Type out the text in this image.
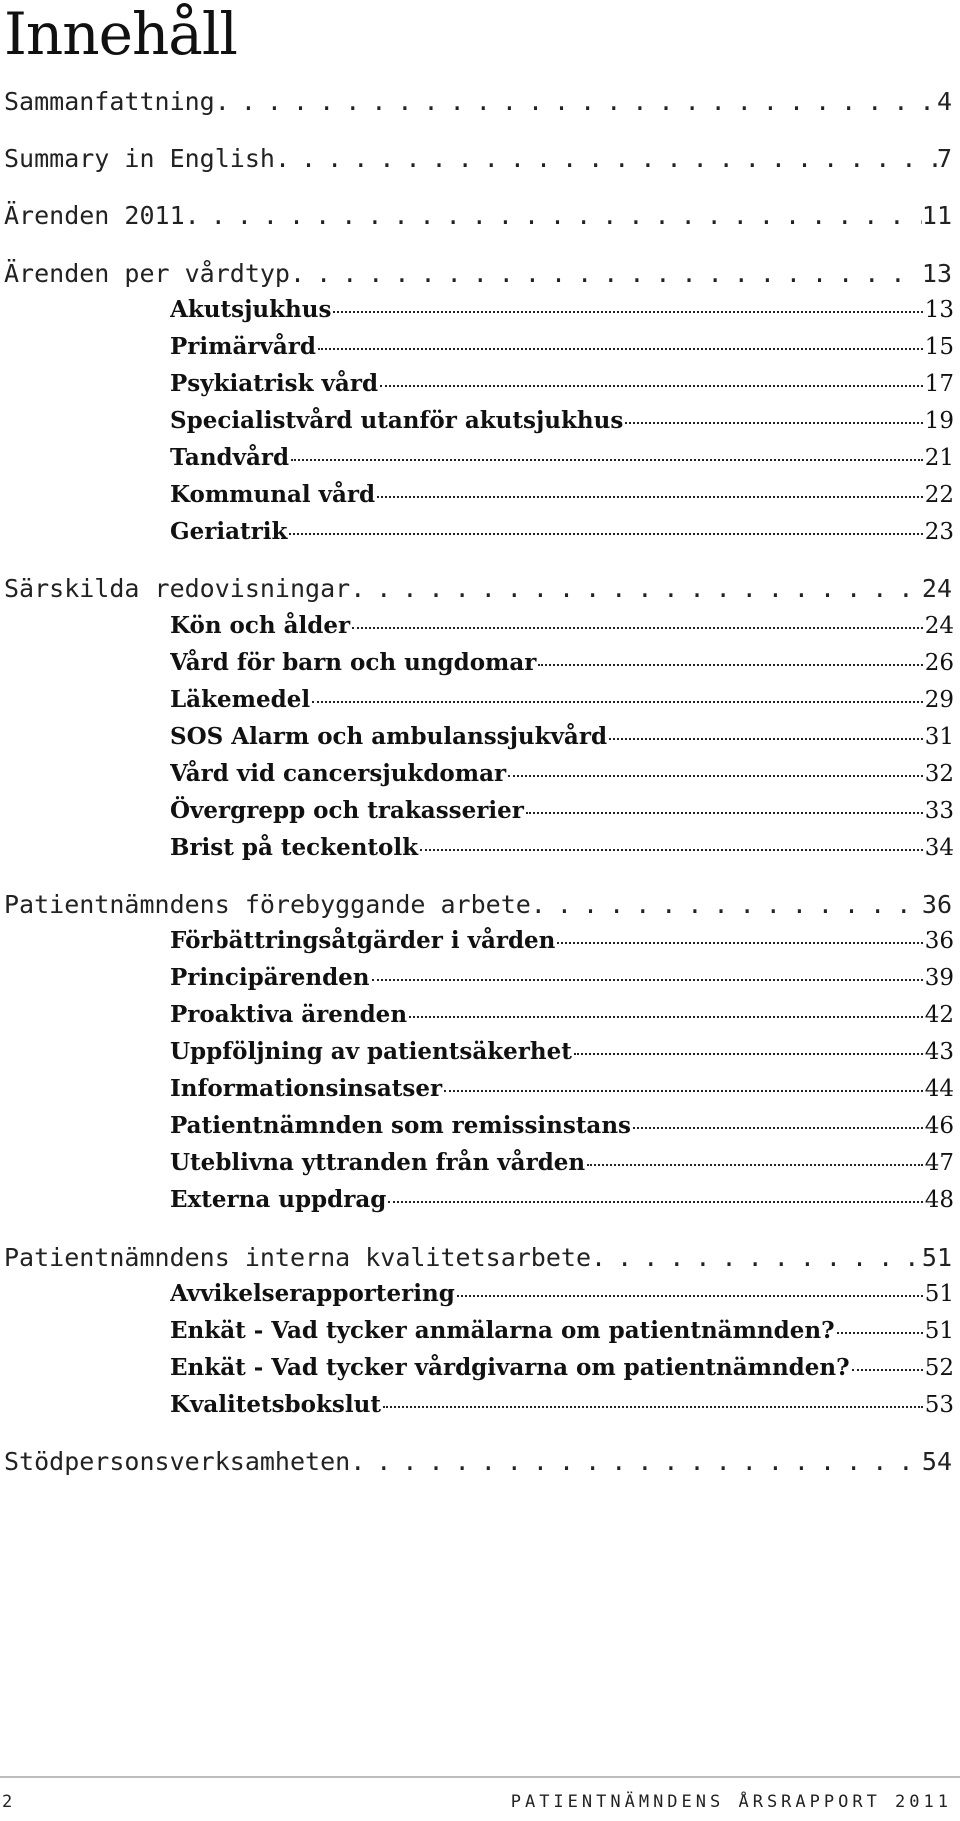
Innehåll
Sammanfattning . . .	4
Summary in English . . .	7
Ärenden 2011 . . .	11
Ärenden per vårdtyp . . .	13
Akutsjukhus	13
Primärvård	15
Psykiatrisk vård	17
Specialistvård utanför akutsjukhus	19
Tandvård	21
Kommunal vård	22
Geriatrik	23
Särskilda redovisningar . . .	24
Kön och ålder	24
Vård för barn och ungdomar	26
Läkemedel	29
SOS Alarm och ambulanssjukvård	31
Vård vid cancersjukdomar	32
Övergrepp och trakasserier	33
Brist på teckentolk	34
Patientnämndens förebyggande arbete . . .	36
Förbättringsåtgärder i vården	36
Principärenden	39
Proaktiva ärenden	42
Uppföljning av patientsäkerhet	43
Informationsinsatser	44
Patientnämnden som remissinstans	46
Uteblivna yttranden från vården	47
Externa uppdrag	48
Patientnämndens interna kvalitetsarbete . . .	51
Avvikelserapportering	51
Enkät - Vad tycker anmälarna om patientnämnden?	51
Enkät - Vad tycker vårdgivarna om patientnämnden?	52
Kvalitetsbokslut	53
Stödpersonsverksamheten . . .	54
2	PATIENTNÄMNDENS ÅRSRAPPORT 2011
